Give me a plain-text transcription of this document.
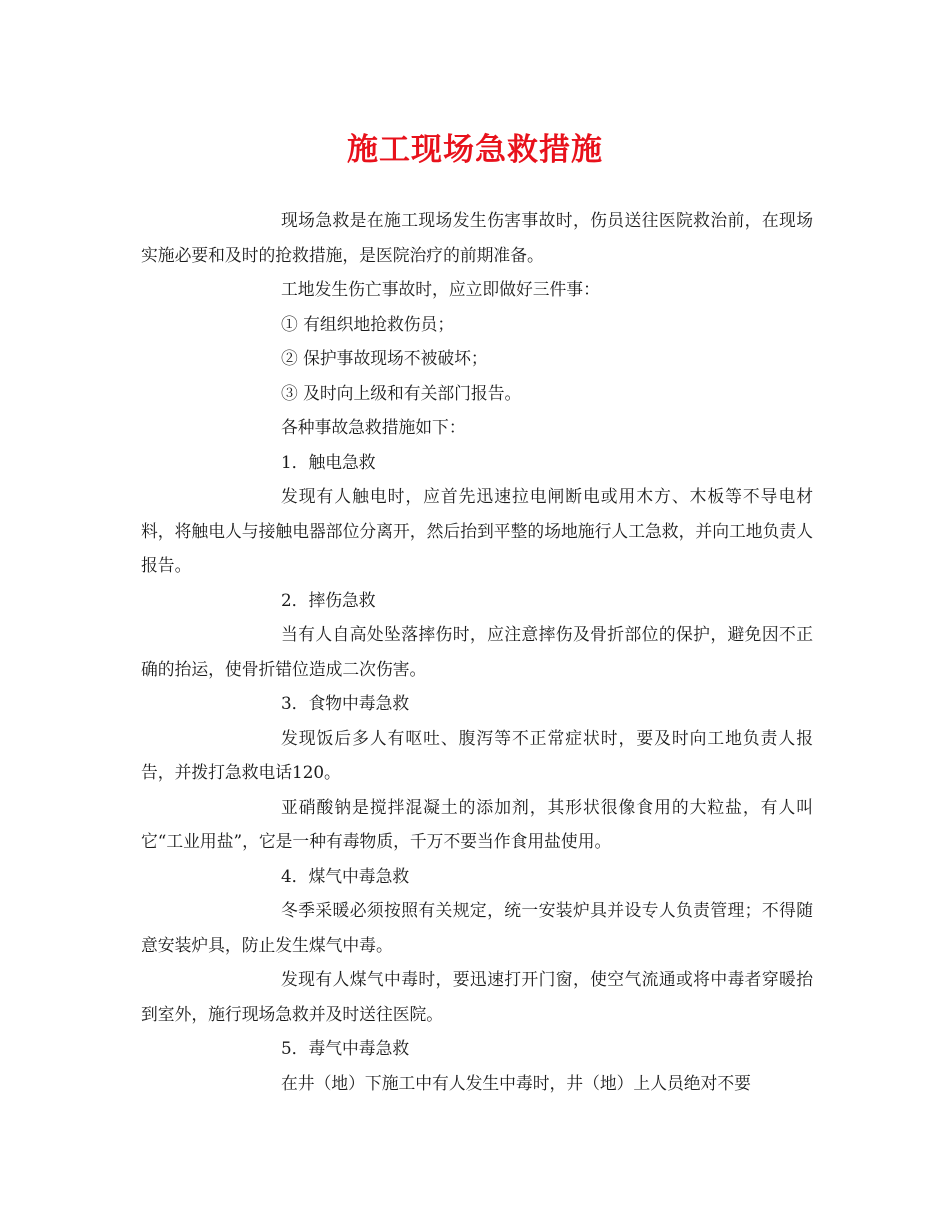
施工现场急救措施

现场急救是在施工现场发生伤害事故时，伤员送往医院救治前，在现场实施必要和及时的抢救措施，是医院治疗的前期准备。

工地发生伤亡事故时，应立即做好三件事：

① 有组织地抢救伤员；

② 保护事故现场不被破坏；

③ 及时向上级和有关部门报告。

各种事故急救措施如下：

1．触电急救

发现有人触电时，应首先迅速拉电闸断电或用木方、木板等不导电材料，将触电人与接触电器部位分离开，然后抬到平整的场地施行人工急救，并向工地负责人报告。

2．摔伤急救

当有人自高处坠落摔伤时，应注意摔伤及骨折部位的保护，避免因不正确的抬运，使骨折错位造成二次伤害。

3．食物中毒急救

发现饭后多人有呕吐、腹泻等不正常症状时，要及时向工地负责人报告，并拨打急救电话120。

亚硝酸钠是搅拌混凝土的添加剂，其形状很像食用的大粒盐，有人叫它“工业用盐”，它是一种有毒物质，千万不要当作食用盐使用。

4．煤气中毒急救

冬季采暖必须按照有关规定，统一安装炉具并设专人负责管理；不得随意安装炉具，防止发生煤气中毒。

发现有人煤气中毒时，要迅速打开门窗，使空气流通或将中毒者穿暖抬到室外，施行现场急救并及时送往医院。

5．毒气中毒急救

在井（地）下施工中有人发生中毒时，井（地）上人员绝对不要
